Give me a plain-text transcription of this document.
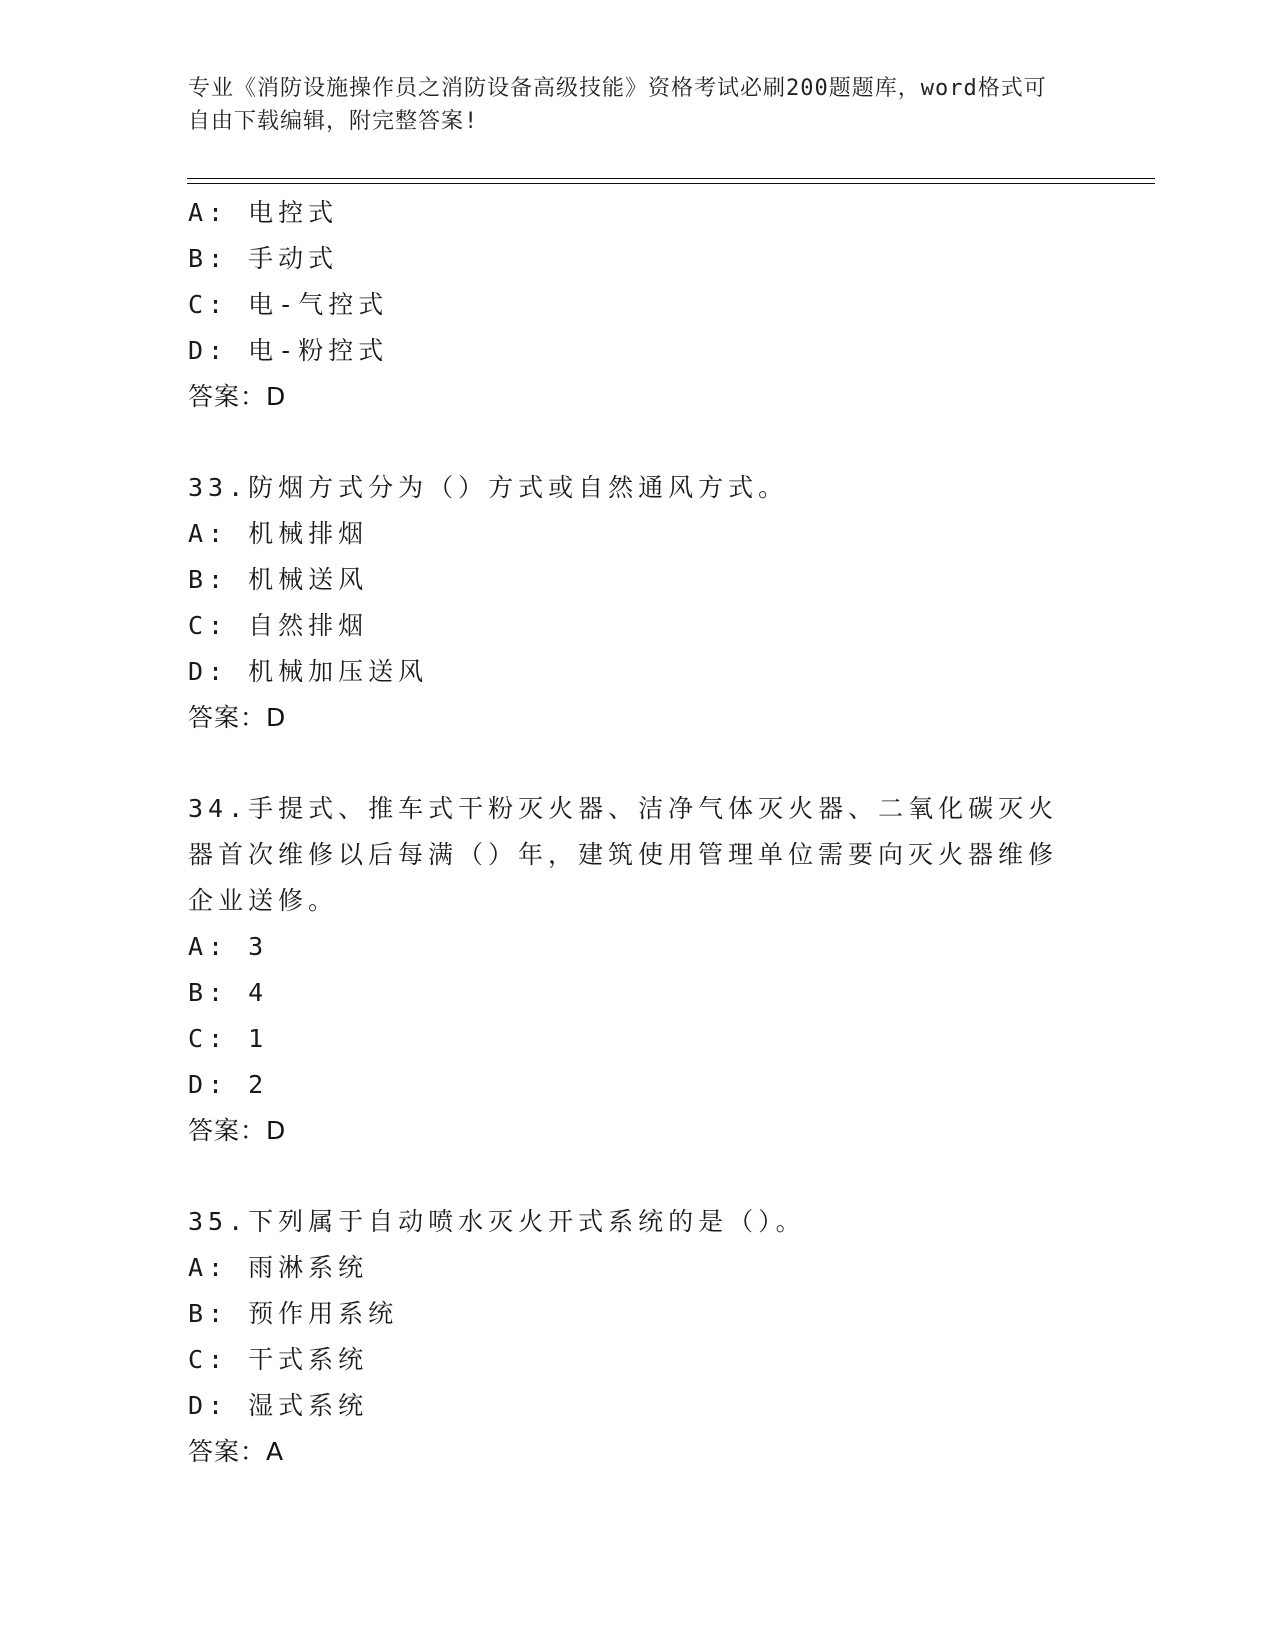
专业《消防设施操作员之消防设备高级技能》资格考试必刷200题题库，word格式可自由下载编辑，附完整答案!
A: 电控式
B: 手动式
C: 电-气控式
D: 电-粉控式
答案：D
33.防烟方式分为（）方式或自然通风方式。
A: 机械排烟
B: 机械送风
C: 自然排烟
D: 机械加压送风
答案：D
34.手提式、推车式干粉灭火器、洁净气体灭火器、二氧化碳灭火器首次维修以后每满（）年，建筑使用管理单位需要向灭火器维修企业送修。
A: 3
B: 4
C: 1
D: 2
答案：D
35.下列属于自动喷水灭火开式系统的是（）。
A: 雨淋系统
B: 预作用系统
C: 干式系统
D: 湿式系统
答案：A
